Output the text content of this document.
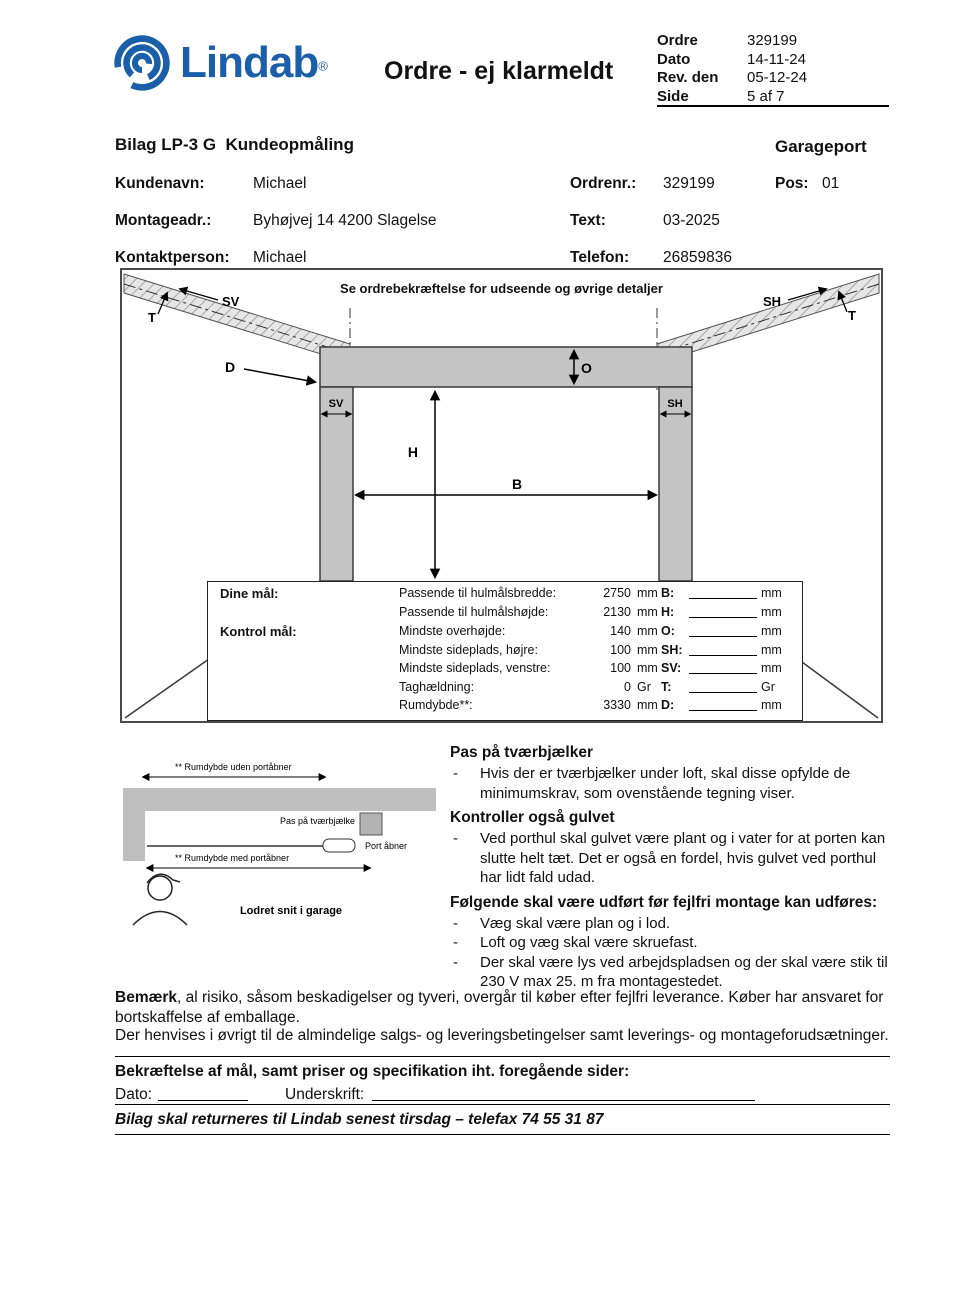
Lindab® Ordre - ej klarmeldt
Ordre	329199
Dato	14-11-24
Rev. den	05-12-24
Side	5 af 7
Bilag LP-3 G  Kundeopmåling	Garageport
Kundenavn:	Michael	Ordrenr.: 329199	Pos: 01
Montageadr.:	Byhøjvej 14 4200 Slagelse	Text:	03-2025
Kontaktperson: Michael	Telefon: 26859836
O
H
B
D
SV
T
SH
T
SV	SH
Se ordrebekræftelse for udseende og øvrige detaljer
Dine mål:
Kontrol mål:
Passende til hulmålsbredde:	2750 mm B:	mm
Passende til hulmålshøjde:	2130 mm H:	mm
Mindste overhøjde:	140 mm O:	mm
Mindste sideplads, højre:	100 mm SH:	mm
Mindste sideplads, venstre:	100 mm SV:	mm
Taghældning:	0 Gr T:	Gr
Rumdybde**:	3330 mm D:	mm
** Rumdybde uden portåbner
Pas på tværbjælke
Port åbner
** Rumdybde med portåbner
Lodret snit i garage
Pas på tværbjælker
-	Hvis der er tværbjælker under loft, skal disse opfylde de minimumskrav, som ovenstående tegning viser.
Kontroller også gulvet
-	Ved porthul skal gulvet være plant og i vater for at porten kan slutte helt tæt. Det er også en fordel, hvis gulvet ved porthul har lidt fald udad.
Følgende skal være udført før fejlfri montage kan udføres:
-	Væg skal være plan og i lod.
-	Loft og væg skal være skruefast.
-	Der skal være lys ved arbejdspladsen og der skal være stik til 230 V max 25. m fra montagestedet.
Bemærk, al risiko, såsom beskadigelser og tyveri, overgår til køber efter fejlfri leverance. Køber har ansvaret for bortskaffelse af emballage.
Der henvises i øvrigt til de almindelige salgs- og leveringsbetingelser samt leverings- og montageforudsætninger.
Bekræftelse af mål, samt priser og specifikation iht. foregående sider:
Dato:	Underskrift:
Bilag skal returneres til Lindab senest tirsdag – telefax 74 55 31 87
